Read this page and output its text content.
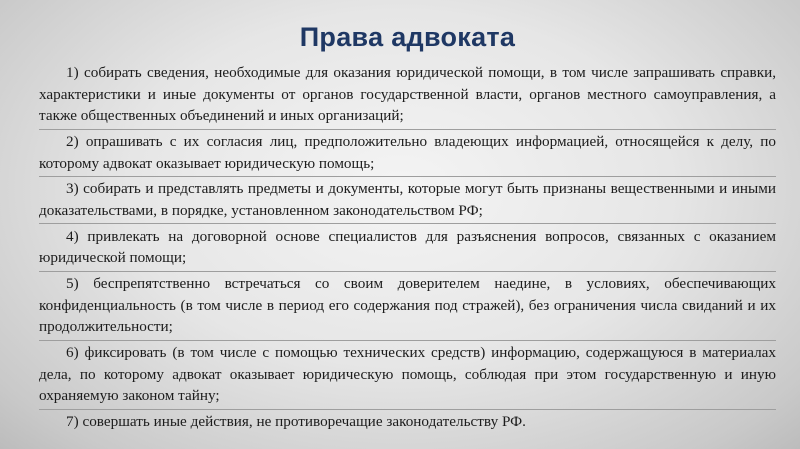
Права адвоката
1) собирать сведения, необходимые для оказания юридической помощи, в том числе запрашивать справки, характеристики и иные документы от органов государственной власти, органов местного самоуправления, а также общественных объединений и иных организаций;
2) опрашивать с их согласия лиц, предположительно владеющих информацией, относящейся к делу, по которому адвокат оказывает юридическую помощь;
3) собирать и представлять предметы и документы, которые могут быть признаны вещественными и иными доказательствами, в порядке, установленном законодательством РФ;
4) привлекать на договорной основе специалистов для разъяснения вопросов, связанных с оказанием юридической помощи;
5) беспрепятственно встречаться со своим доверителем наедине, в условиях, обеспечивающих конфиденциальность (в том числе в период его содержания под стражей), без ограничения числа свиданий и их продолжительности;
6) фиксировать (в том числе с помощью технических средств) информацию, содержащуюся в материалах дела, по которому адвокат оказывает юридическую помощь, соблюдая при этом государственную и иную охраняемую законом тайну;
7) совершать иные действия, не противоречащие законодательству РФ.
